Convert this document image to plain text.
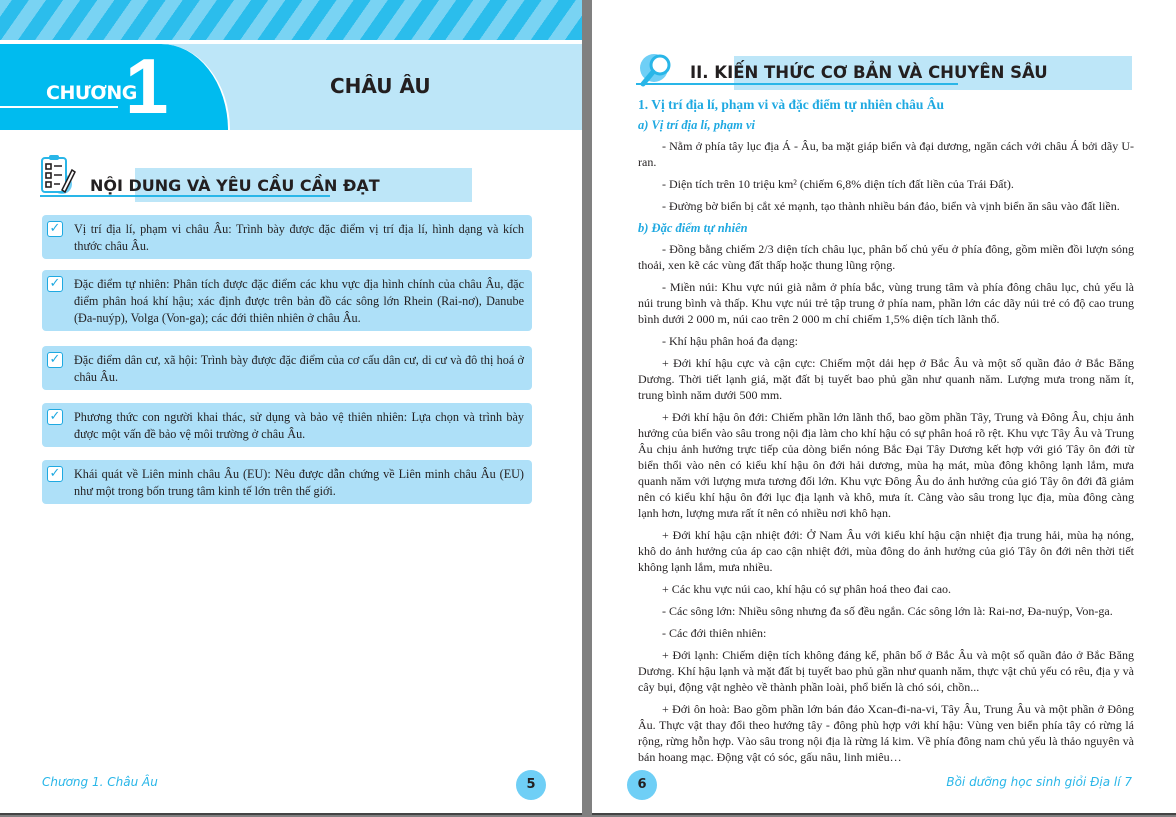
CHƯƠNG
1	CHÂU ÂU
NỘI DUNG VÀ YÊU CẦU CẦN ĐẠT
✓ Vị trí địa lí, phạm vi châu Âu: Trình bày được đặc điểm vị trí địa lí, hình dạng và kích thước châu Âu.
✓ Đặc điểm tự nhiên: Phân tích được đặc điểm các khu vực địa hình chính của châu Âu, đặc điểm phân hoá khí hậu; xác định được trên bản đồ các sông lớn Rhein (Rai-nơ), Danube (Đa-nuýp), Volga (Von-ga); các đới thiên nhiên ở châu Âu.
✓ Đặc điểm dân cư, xã hội: Trình bày được đặc điểm của cơ cấu dân cư, di cư và đô thị hoá ở châu Âu.
✓ Phương thức con người khai thác, sử dụng và bảo vệ thiên nhiên: Lựa chọn và trình bày được một vấn đề bảo vệ môi trường ở châu Âu.
✓ Khái quát về Liên minh châu Âu (EU): Nêu được dẫn chứng về Liên minh châu Âu (EU) như một trong bốn trung tâm kinh tế lớn trên thế giới.
Chương 1. Châu Âu	5
II. KIẾN THỨC CƠ BẢN VÀ CHUYÊN SÂU
1. Vị trí địa lí, phạm vi và đặc điểm tự nhiên châu Âu
a) Vị trí địa lí, phạm vi

- Nằm ở phía tây lục địa Á - Âu, ba mặt giáp biển và đại dương, ngăn cách với châu Á bởi dãy U-ran.

- Diện tích trên 10 triệu km² (chiếm 6,8% diện tích đất liền của Trái Đất).

- Đường bờ biển bị cắt xẻ mạnh, tạo thành nhiều bán đảo, biển và vịnh biển ăn sâu vào đất liền.

b) Đặc điểm tự nhiên

- Đồng bằng chiếm 2/3 diện tích châu lục, phân bố chủ yếu ở phía đông, gồm miền đồi lượn sóng thoải, xen kẽ các vùng đất thấp hoặc thung lũng rộng.

- Miền núi: Khu vực núi già nằm ở phía bắc, vùng trung tâm và phía đông châu lục, chủ yếu là núi trung bình và thấp. Khu vực núi trẻ tập trung ở phía nam, phần lớn các dãy núi trẻ có độ cao trung bình dưới 2 000 m, núi cao trên 2 000 m chỉ chiếm 1,5% diện tích lãnh thổ.

- Khí hậu phân hoá đa dạng:

+ Đới khí hậu cực và cận cực: Chiếm một dải hẹp ở Bắc Âu và một số quần đảo ở Bắc Băng Dương. Thời tiết lạnh giá, mặt đất bị tuyết bao phủ gần như quanh năm. Lượng mưa trong năm ít, trung bình năm dưới 500 mm.

+ Đới khí hậu ôn đới: Chiếm phần lớn lãnh thổ, bao gồm phần Tây, Trung và Đông Âu, chịu ảnh hưởng của biển vào sâu trong nội địa làm cho khí hậu có sự phân hoá rõ rệt. Khu vực Tây Âu và Trung Âu chịu ảnh hưởng trực tiếp của dòng biển nóng Bắc Đại Tây Dương kết hợp với gió Tây ôn đới từ biển thổi vào nên có kiểu khí hậu ôn đới hải dương, mùa hạ mát, mùa đông không lạnh lắm, mưa quanh năm với lượng mưa tương đối lớn. Khu vực Đông Âu do ảnh hưởng của gió Tây ôn đới đã giảm nên có kiểu khí hậu ôn đới lục địa lạnh và khô, mưa ít. Càng vào sâu trong lục địa, mùa đông càng lạnh hơn, lượng mưa rất ít nên có nhiều nơi khô hạn.

+ Đới khí hậu cận nhiệt đới: Ở Nam Âu với kiểu khí hậu cận nhiệt địa trung hải, mùa hạ nóng, khô do ảnh hưởng của áp cao cận nhiệt đới, mùa đông do ảnh hưởng của gió Tây ôn đới nên thời tiết không lạnh lắm, mưa nhiều.

+ Các khu vực núi cao, khí hậu có sự phân hoá theo đai cao.

- Các sông lớn: Nhiều sông nhưng đa số đều ngắn. Các sông lớn là: Rai-nơ, Đa-nuýp, Von-ga.

- Các đới thiên nhiên:

+ Đới lạnh: Chiếm diện tích không đáng kể, phân bố ở Bắc Âu và một số quần đảo ở Bắc Băng Dương. Khí hậu lạnh và mặt đất bị tuyết bao phủ gần như quanh năm, thực vật chủ yếu có rêu, địa y và cây bụi, động vật nghèo về thành phần loài, phổ biến là chó sói, chồn...

+ Đới ôn hoà: Bao gồm phần lớn bán đảo Xcan-đi-na-vi, Tây Âu, Trung Âu và một phần ở Đông Âu. Thực vật thay đổi theo hướng tây - đông phù hợp với khí hậu: Vùng ven biển phía tây có rừng lá rộng, rừng hỗn hợp. Vào sâu trong nội địa là rừng lá kim. Về phía đông nam chủ yếu là thảo nguyên và bán hoang mạc. Động vật có sóc, gấu nâu, linh miêu…

6	Bồi dưỡng học sinh giỏi Địa lí 7
